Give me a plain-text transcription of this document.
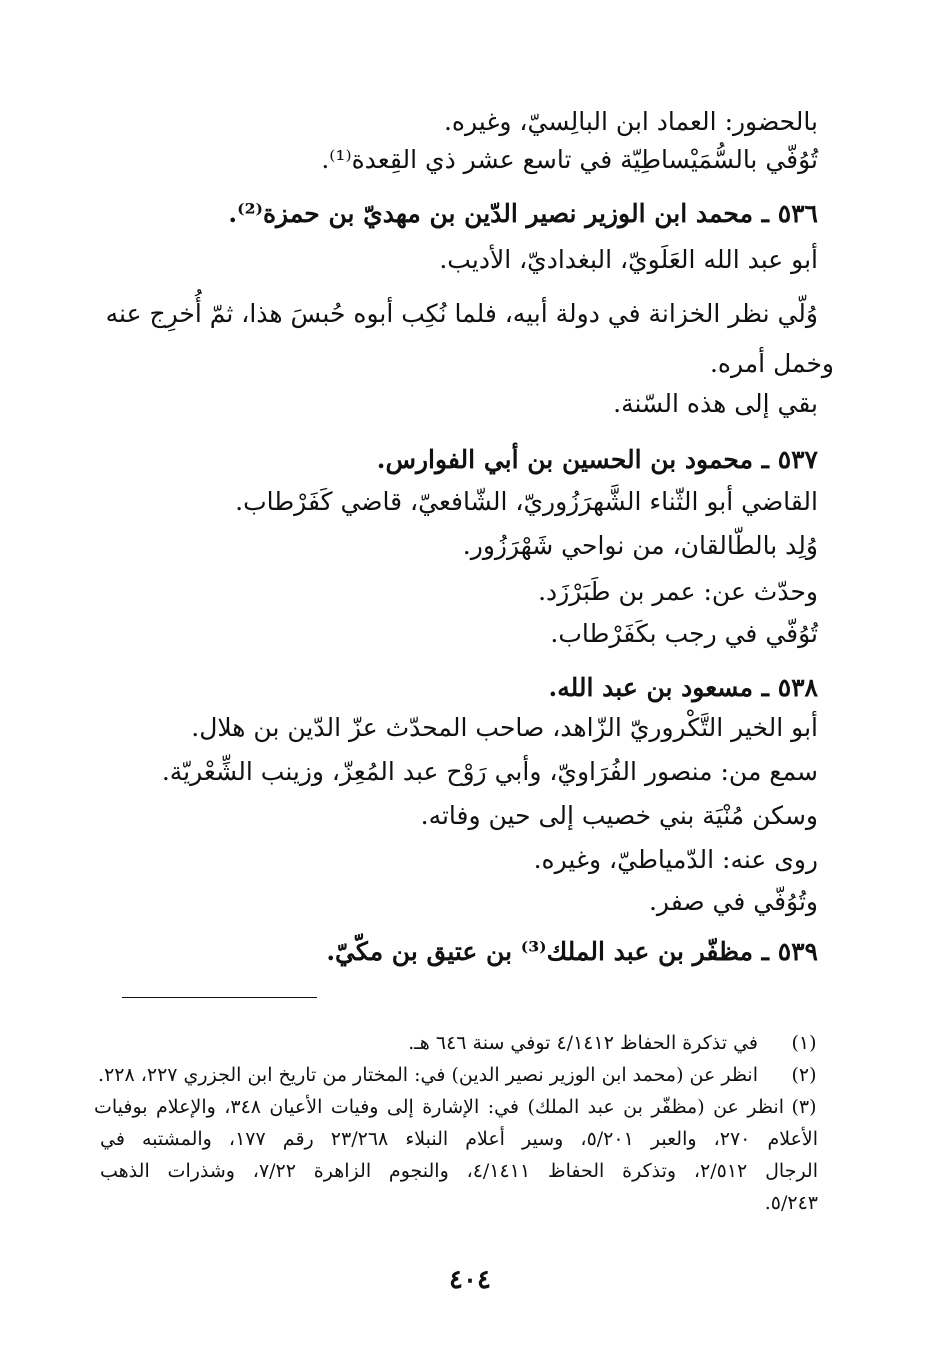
بالحضور: العماد ابن البالِسيّ، وغيره.
تُوُفّي بالسُّمَيْساطِيّة في تاسع عشر ذي القِعدة⁽¹⁾.
٥٣٦ ـ محمد ابن الوزير نصير الدّين بن مهديّ بن حمزة⁽²⁾.
أبو عبد الله العَلَويّ، البغداديّ، الأديب.
وُلّي نظر الخزانة في دولة أبيه، فلما نُكِب أبوه حُبسَ هذا، ثمّ أُخرِج عنه
وخمل أمره.
بقي إلى هذه السّنة.
٥٣٧ ـ محمود بن الحسين بن أبي الفوارس.
القاضي أبو الثّناء الشَّهرَزُوريّ، الشّافعيّ، قاضي كَفَرْطاب.
وُلِد بالطّالقان، من نواحي شَهْرَزُور.
وحدّث عن: عمر بن طَبَرْزَد.
تُوُفّي في رجب بكَفَرْطاب.
٥٣٨ ـ مسعود بن عبد الله.
أبو الخير التَّكْروريّ الزّاهد، صاحب المحدّث عزّ الدّين بن هلال.
سمع من: منصور الفُرَاويّ، وأبي رَوْح عبد المُعِزّ، وزينب الشِّعْريّة.
وسكن مُنْيَة بني خصيب إلى حين وفاته.
روى عنه: الدّمياطيّ، وغيره.
وتُوُفّي في صفر.
٥٣٩ ـ مظفّر بن عبد الملك⁽³⁾ بن عتيق بن مكّيّ.
(١)
في تذكرة الحفاظ ٤/١٤١٢ توفي سنة ٦٤٦ هـ.
(٢)
انظر عن (محمد ابن الوزير نصير الدين) في: المختار من تاريخ ابن الجزري ٢٢٧، ٢٢٨.
(٣)
انظر عن (مظفّر بن عبد الملك) في: الإشارة إلى وفيات الأعيان ٣٤٨، والإعلام بوفيات
الأعلام ٢٧٠، والعبر ٥/٢٠١، وسير أعلام النبلاء ٢٣/٢٦٨ رقم ١٧٧، والمشتبه في
الرجال ٢/٥١٢، وتذكرة الحفاظ ٤/١٤١١، والنجوم الزاهرة ٧/٢٢، وشذرات الذهب
٥/٢٤٣.
٤٠٤
